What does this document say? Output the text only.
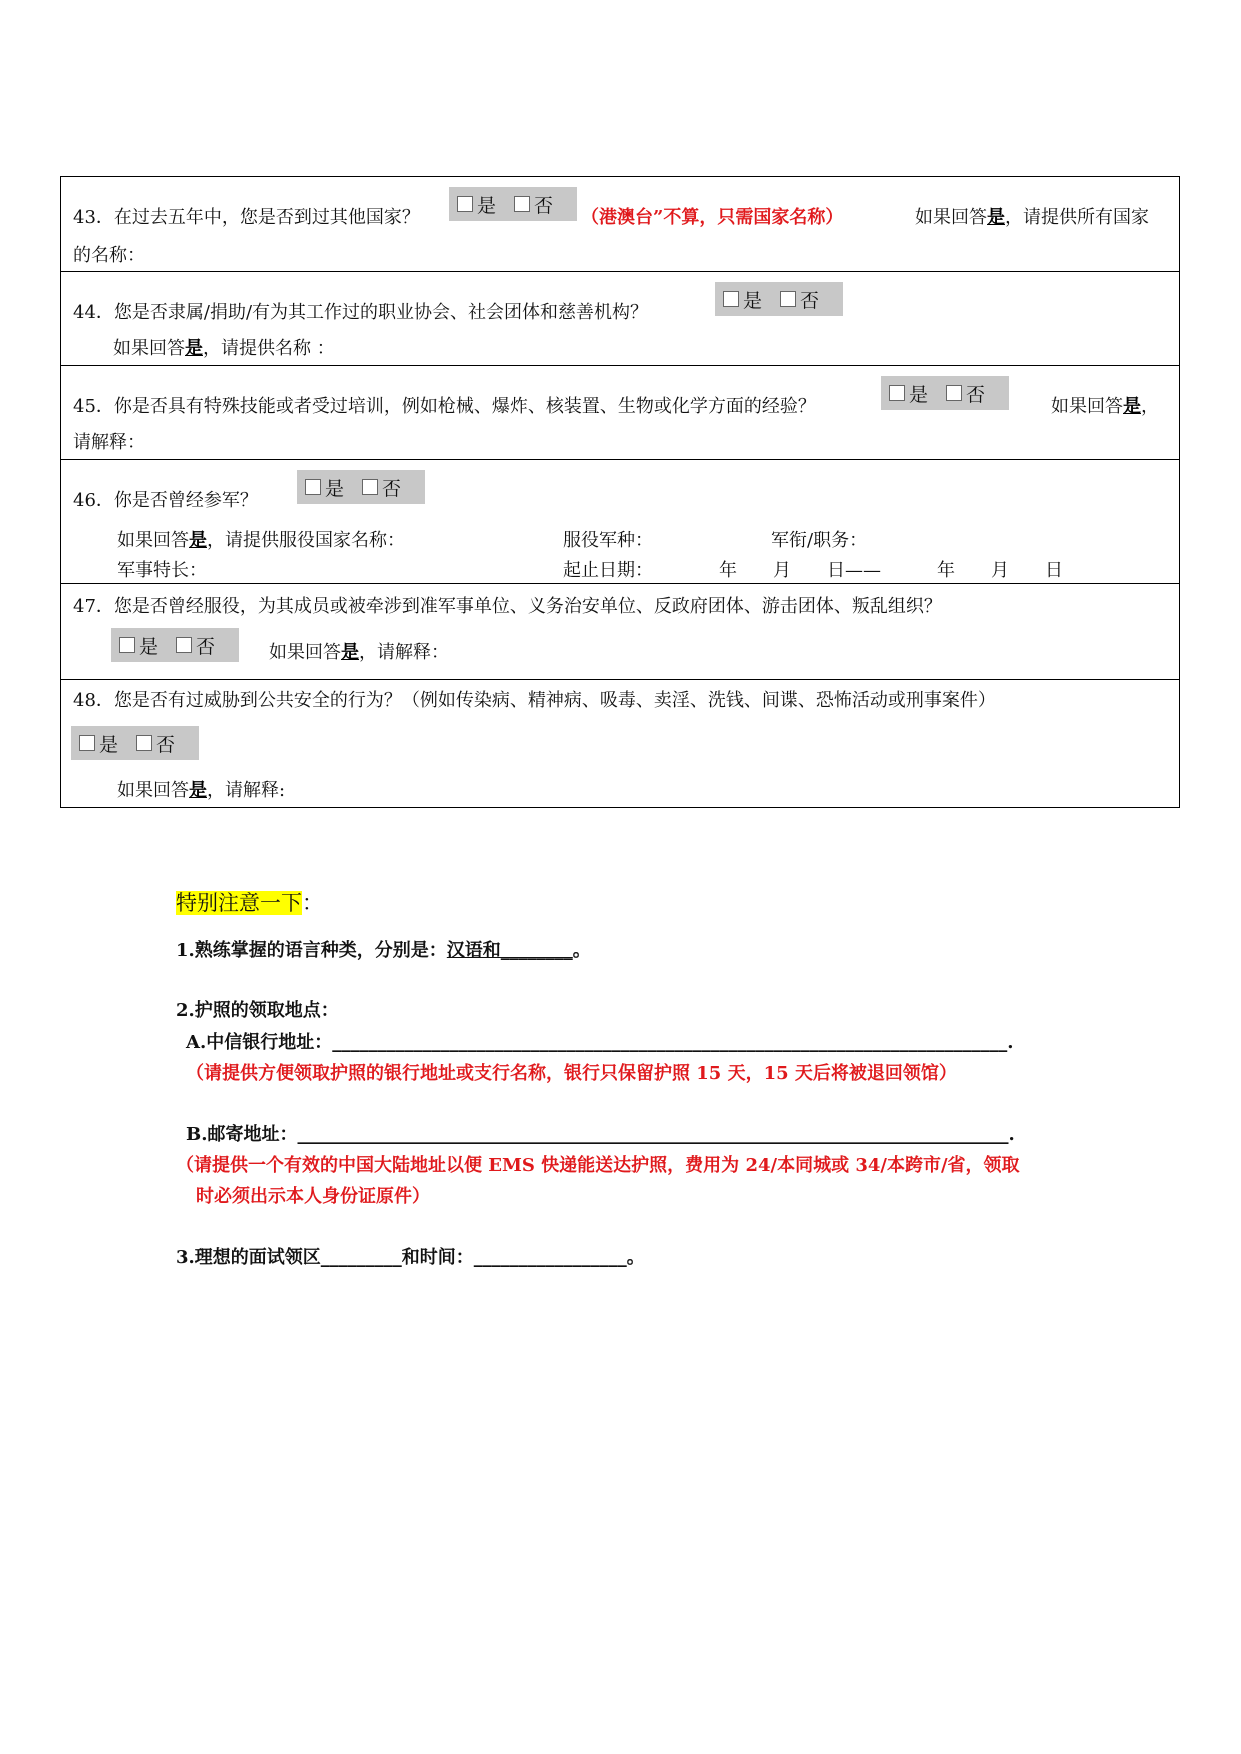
43．在过去五年中，您是否到过其他国家？
是 否
（港澳台”不算，只需国家名称）	如果回答是，请提供所有国家
的名称：
44．您是否隶属/捐助/有为其工作过的职业协会、社会团体和慈善机构？
是 否
如果回答是，请提供名称 ：
45．你是否具有特殊技能或者受过培训，例如枪械、爆炸、核装置、生物或化学方面的经验？
是 否
如果回答是，
请解释：
46．你是否曾经参军？
是 否
如果回答是，请提供服役国家名称：	服役军种：	军衔/职务：
军事特长：	起止日期：	年　　月　　日——	年　　月　　日
47．您是否曾经服役，为其成员或被牵涉到准军事单位、义务治安单位、反政府团体、游击团体、叛乱组织？
是 否	如果回答是，请解释：
48．您是否有过威胁到公共安全的行为？（例如传染病、精神病、吸毒、卖淫、洗钱、间谍、恐怖活动或刑事案件）
是 否
如果回答是，请解释:
特别注意一下：
1.熟练掌握的语言种类，分别是：汉语和________。
2.护照的领取地点：
A.中信银行地址：___________________________________________________________________________.
（请提供方便领取护照的银行地址或支行名称，银行只保留护照 15 天，15 天后将被退回领馆）
B.邮寄地址：_______________________________________________________________________________.
（请提供一个有效的中国大陆地址以便 EMS 快递能送达护照，费用为 24/本同城或 34/本跨市/省，领取
时必须出示本人身份证原件）
3.理想的面试领区_________和时间：_________________。
